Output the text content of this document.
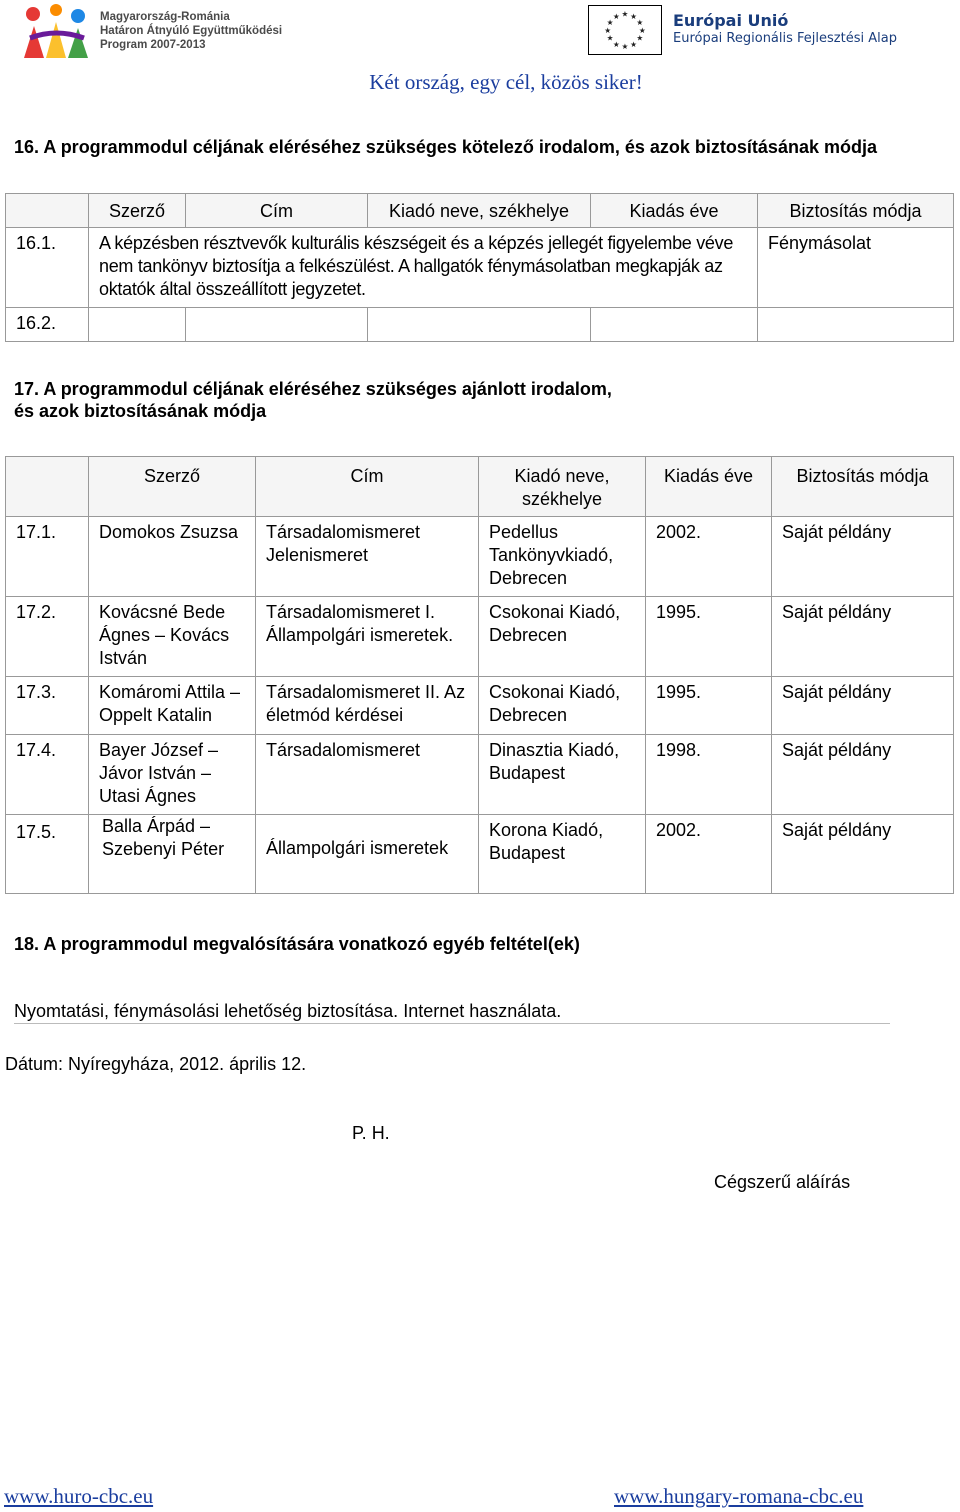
Magyarország-Románia
Határon Átnyúló Együttműködési
Program 2007-2013
★ ★
★
★
★
★
★
★
★
★
★
★	Európai Unió
Európai Regionális Fejlesztési Alap
Két ország, egy cél, közös siker!
16. A programmodul céljának eléréséhez szükséges kötelező irodalom, és azok biztosításának módja
	Szerző	Cím	Kiadó neve, székhelye	Kiadás éve	Biztosítás módja
16.1.	A képzésben résztvevők kulturális készségeit és a képzés jellegét figyelembe véve nem tankönyv biztosítja a felkészülést. A hallgatók fénymásolatban megkapják az oktatók által összeállított jegyzetet.				Fénymásolat
16.2.					
17. A programmodul céljának eléréséhez szükséges ajánlott irodalom, és azok biztosításának módja
	Szerző	Cím	Kiadó neve, székhelye	Kiadás éve	Biztosítás módja
17.1.	Domokos Zsuzsa	Társadalomismeret Jelenismeret	Pedellus Tankönyvkiadó, Debrecen	2002.	Saját példány
17.2.	Kovácsné Bede Ágnes – Kovács István	Társadalomismeret I. Állampolgári ismeretek.	Csokonai Kiadó, Debrecen	1995.	Saját példány
17.3.	Komáromi Attila – Oppelt Katalin	Társadalomismeret II. Az életmód kérdései	Csokonai Kiadó, Debrecen	1995.	Saját példány
17.4.	Bayer József – Jávor István – Utasi Ágnes	Társadalomismeret	Dinasztia Kiadó, Budapest	1998.	Saját példány
17.5.	Balla Árpád – Szebenyi Péter	Állampolgári ismeretek	Korona Kiadó, Budapest	2002.	Saját példány
18. A programmodul megvalósítására vonatkozó egyéb feltétel(ek)
Nyomtatási, fénymásolási lehetőség biztosítása. Internet használata.
Dátum: Nyíregyháza, 2012. április 12.
P. H.
Cégszerű aláírás
www.huro-cbc.eu	www.hungary-romana-cbc.eu
